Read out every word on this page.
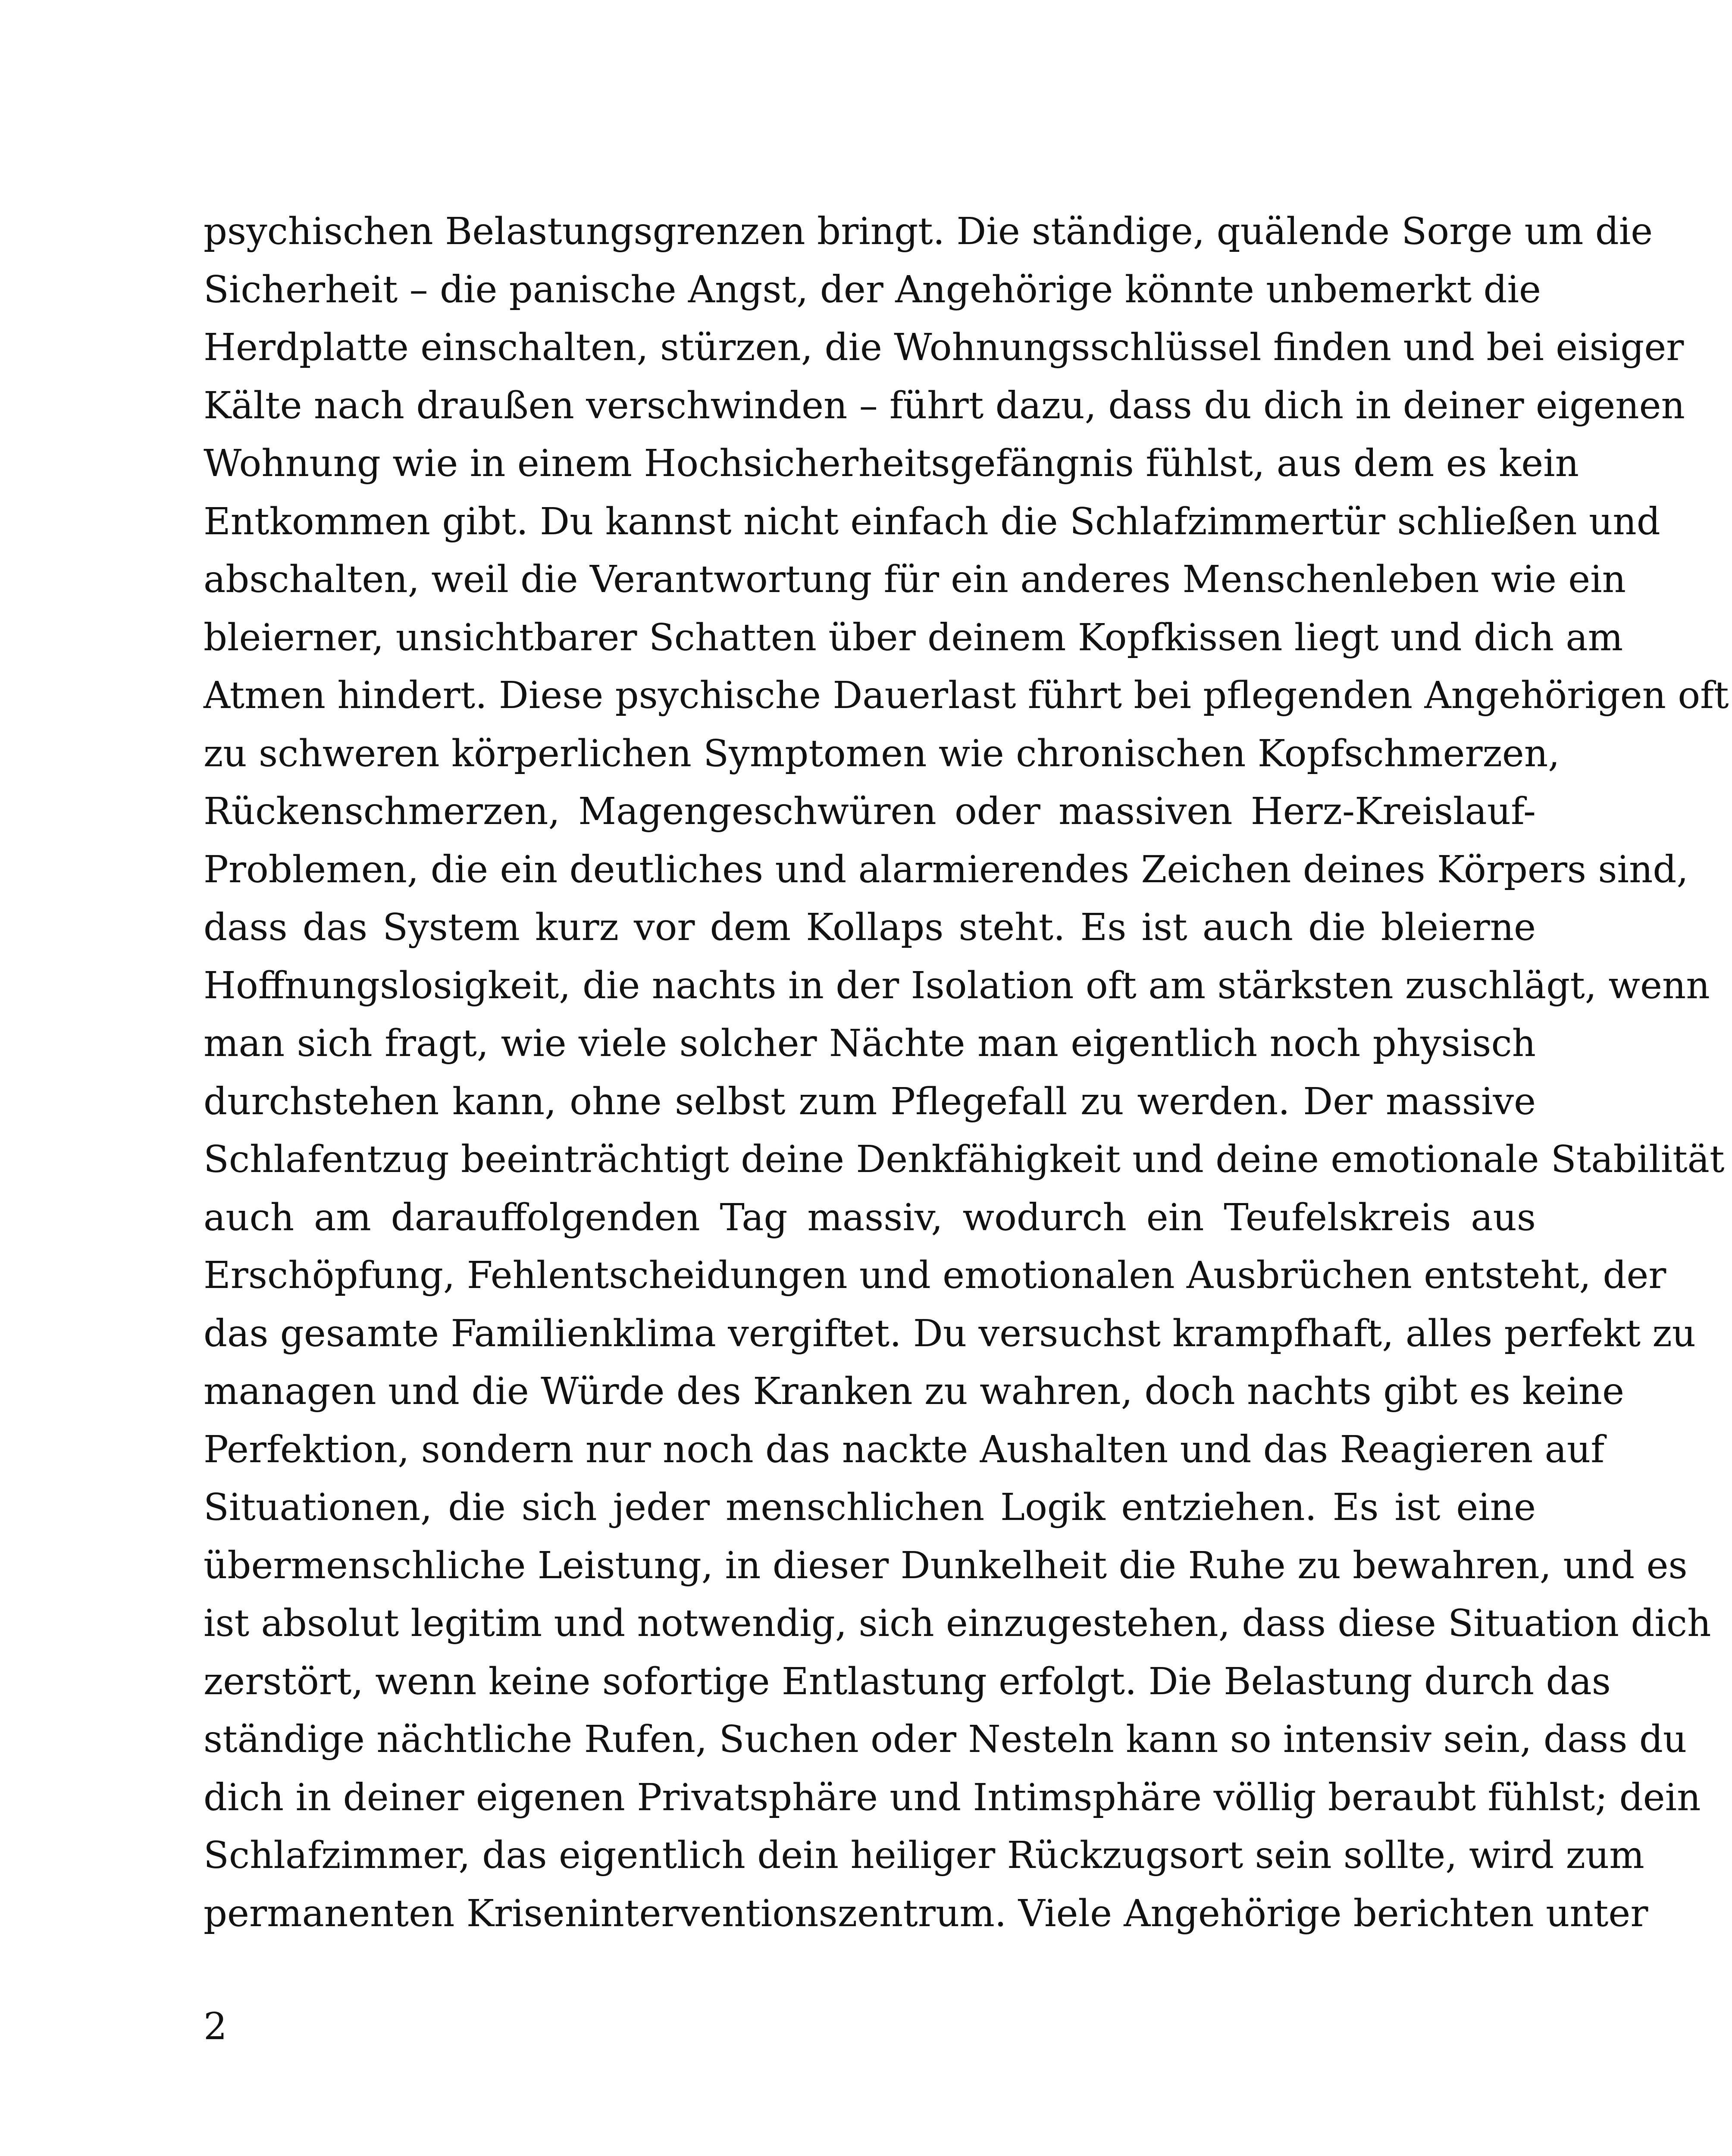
psychischen Belastungsgrenzen bringt. Die ständige, quälende Sorge um die
Sicherheit – die panische Angst, der Angehörige könnte unbemerkt die
Herdplatte einschalten, stürzen, die Wohnungsschlüssel finden und bei eisiger
Kälte nach draußen verschwinden – führt dazu, dass du dich in deiner eigenen
Wohnung wie in einem Hochsicherheitsgefängnis fühlst, aus dem es kein
Entkommen gibt. Du kannst nicht einfach die Schlafzimmertür schließen und
abschalten, weil die Verantwortung für ein anderes Menschenleben wie ein
bleierner, unsichtbarer Schatten über deinem Kopfkissen liegt und dich am
Atmen hindert. Diese psychische Dauerlast führt bei pflegenden Angehörigen oft
zu schweren körperlichen Symptomen wie chronischen Kopfschmerzen,
Rückenschmerzen, Magengeschwüren oder massiven Herz-Kreislauf-
Problemen, die ein deutliches und alarmierendes Zeichen deines Körpers sind,
dass das System kurz vor dem Kollaps steht. Es ist auch die bleierne
Hoffnungslosigkeit, die nachts in der Isolation oft am stärksten zuschlägt, wenn
man sich fragt, wie viele solcher Nächte man eigentlich noch physisch
durchstehen kann, ohne selbst zum Pflegefall zu werden. Der massive
Schlafentzug beeinträchtigt deine Denkfähigkeit und deine emotionale Stabilität
auch am darauffolgenden Tag massiv, wodurch ein Teufelskreis aus
Erschöpfung, Fehlentscheidungen und emotionalen Ausbrüchen entsteht, der
das gesamte Familienklima vergiftet. Du versuchst krampfhaft, alles perfekt zu
managen und die Würde des Kranken zu wahren, doch nachts gibt es keine
Perfektion, sondern nur noch das nackte Aushalten und das Reagieren auf
Situationen, die sich jeder menschlichen Logik entziehen. Es ist eine
übermenschliche Leistung, in dieser Dunkelheit die Ruhe zu bewahren, und es
ist absolut legitim und notwendig, sich einzugestehen, dass diese Situation dich
zerstört, wenn keine sofortige Entlastung erfolgt. Die Belastung durch das
ständige nächtliche Rufen, Suchen oder Nesteln kann so intensiv sein, dass du
dich in deiner eigenen Privatsphäre und Intimsphäre völlig beraubt fühlst; dein
Schlafzimmer, das eigentlich dein heiliger Rückzugsort sein sollte, wird zum
permanenten Kriseninterventionszentrum. Viele Angehörige berichten unter
2
